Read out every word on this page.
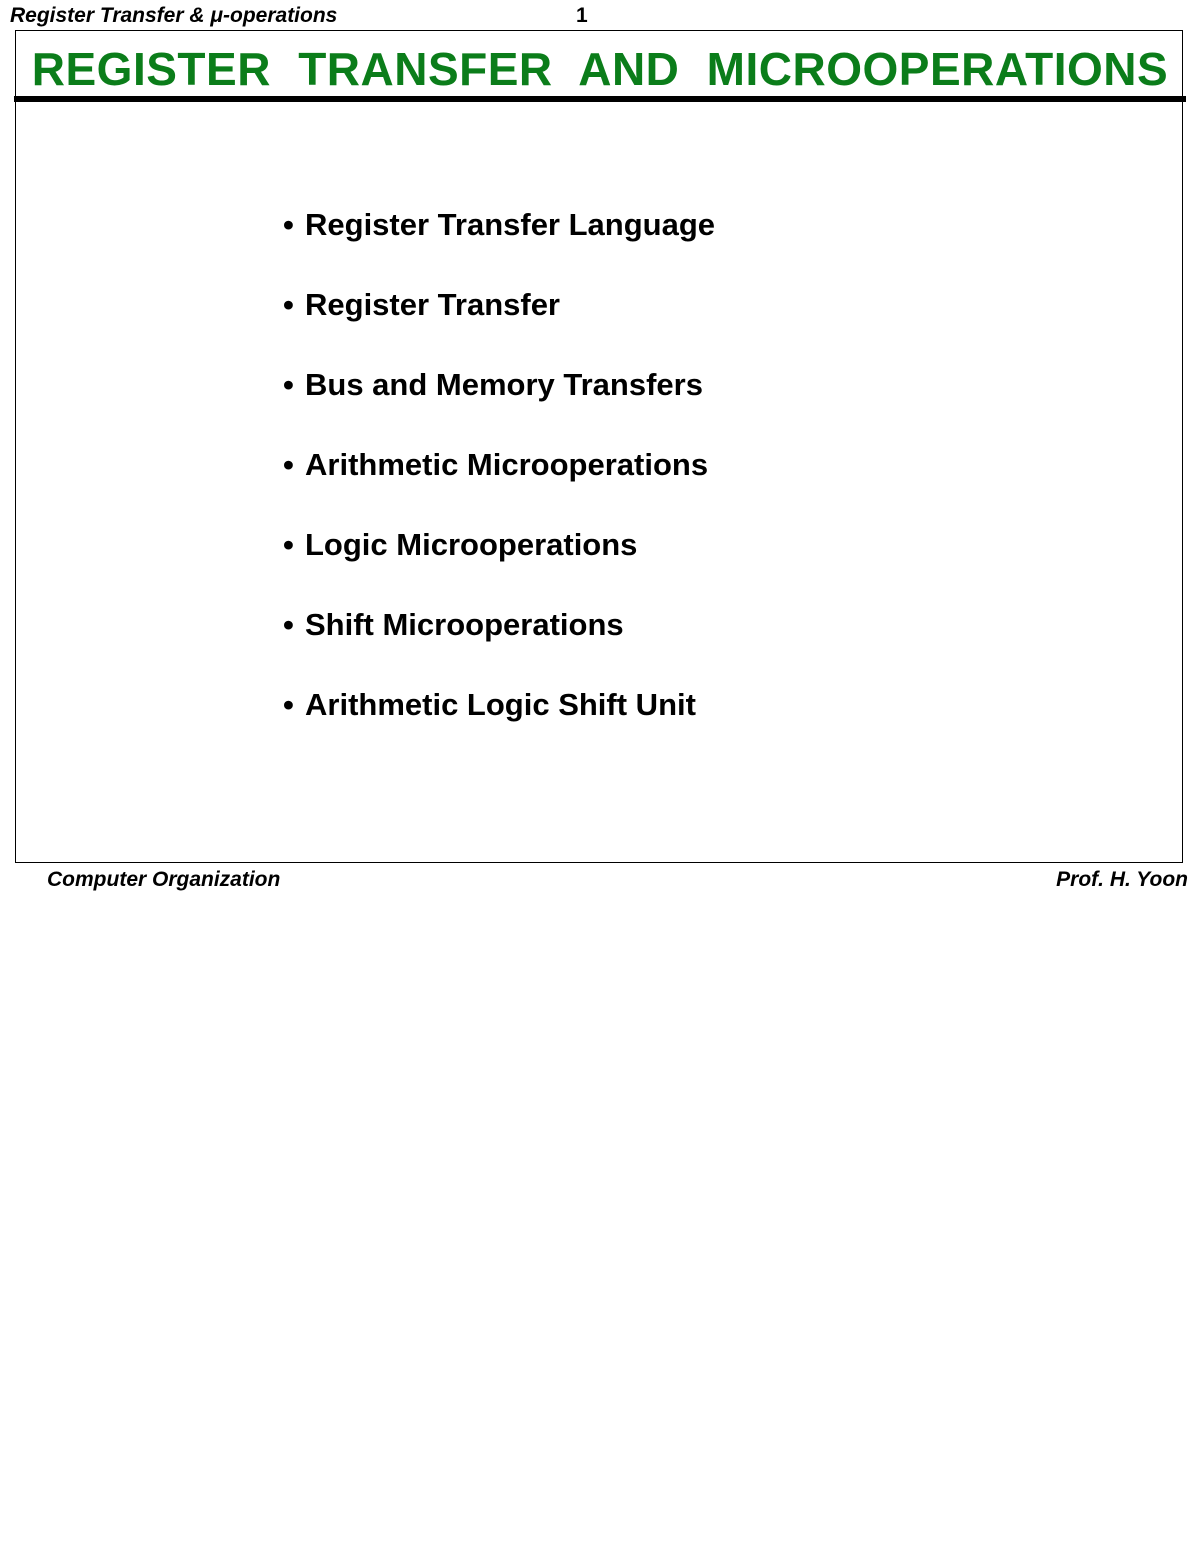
Register Transfer & μ-operations	1
REGISTER TRANSFER AND MICROOPERATIONS
• Register Transfer Language
• Register Transfer
• Bus and Memory Transfers
• Arithmetic Microoperations
• Logic Microoperations
• Shift Microoperations
• Arithmetic Logic Shift Unit
Computer Organization	Prof. H. Yoon
